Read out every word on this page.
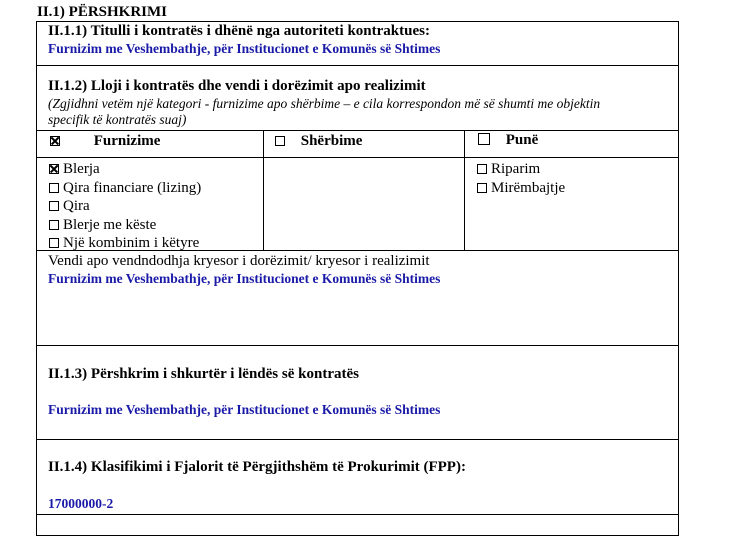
II.1) PËRSHKRIMI
II.1.1) Titulli i kontratës i dhënë nga autoriteti kontraktues:
Furnizim me Veshembathje, për Institucionet e Komunës së Shtimes
II.1.2) Lloji i kontratës dhe vendi i dorëzimit apo realizimit
(Zgjidhni vetëm një kategori - furnizime apo shërbime – e cila korrespondon më së shumti me objektin
specifik të kontratës suaj)
Furnizime	Shërbime	Punë
Blerja
Qira financiare (lizing)
Qira
Blerje me këste
Një kombinim i këtyre
Riparim
Mirëmbajtje
Vendi apo vendndodhja kryesor i dorëzimit/ kryesor i realizimit
Furnizim me Veshembathje, për Institucionet e Komunës së Shtimes
II.1.3) Përshkrim i shkurtër i lëndës së kontratës
Furnizim me Veshembathje, për Institucionet e Komunës së Shtimes
II.1.4) Klasifikimi i Fjalorit të Përgjithshëm të Prokurimit (FPP):
17000000-2
